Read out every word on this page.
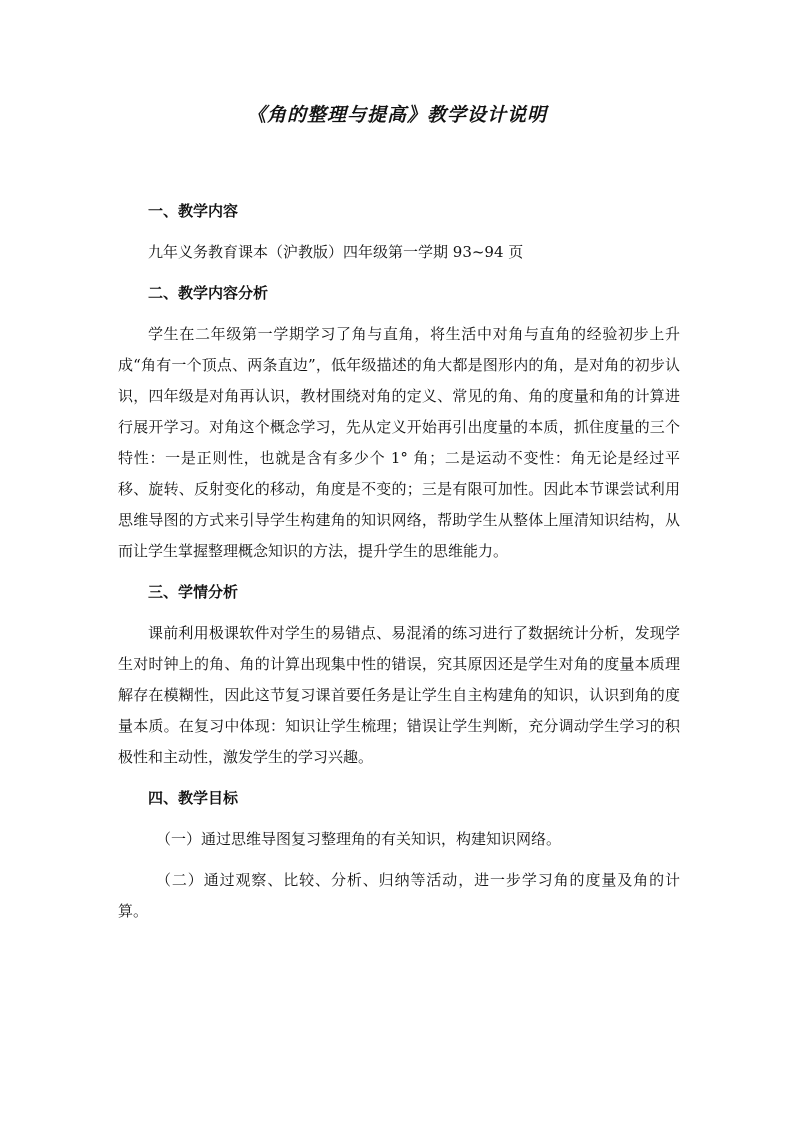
《角的整理与提高》教学设计说明
一、教学内容

九年义务教育课本（沪教版）四年级第一学期 93~94 页

二、教学内容分析

学生在二年级第一学期学习了角与直角，将生活中对角与直角的经验初步上升成“角有一个顶点、两条直边”，低年级描述的角大都是图形内的角，是对角的初步认识，四年级是对角再认识，教材围绕对角的定义、常见的角、角的度量和角的计算进行展开学习。对角这个概念学习，先从定义开始再引出度量的本质，抓住度量的三个特性：一是正则性，也就是含有多少个 1° 角；二是运动不变性：角无论是经过平移、旋转、反射变化的移动，角度是不变的；三是有限可加性。因此本节课尝试利用思维导图的方式来引导学生构建角的知识网络，帮助学生从整体上厘清知识结构，从而让学生掌握整理概念知识的方法，提升学生的思维能力。

三、学情分析

课前利用极课软件对学生的易错点、易混淆的练习进行了数据统计分析，发现学生对时钟上的角、角的计算出现集中性的错误，究其原因还是学生对角的度量本质理解存在模糊性，因此这节复习课首要任务是让学生自主构建角的知识，认识到角的度量本质。在复习中体现：知识让学生梳理；错误让学生判断，充分调动学生学习的积极性和主动性，激发学生的学习兴趣。

四、教学目标

（一）通过思维导图复习整理角的有关知识，构建知识网络。

（二）通过观察、比较、分析、归纳等活动，进一步学习角的度量及角的计算。
